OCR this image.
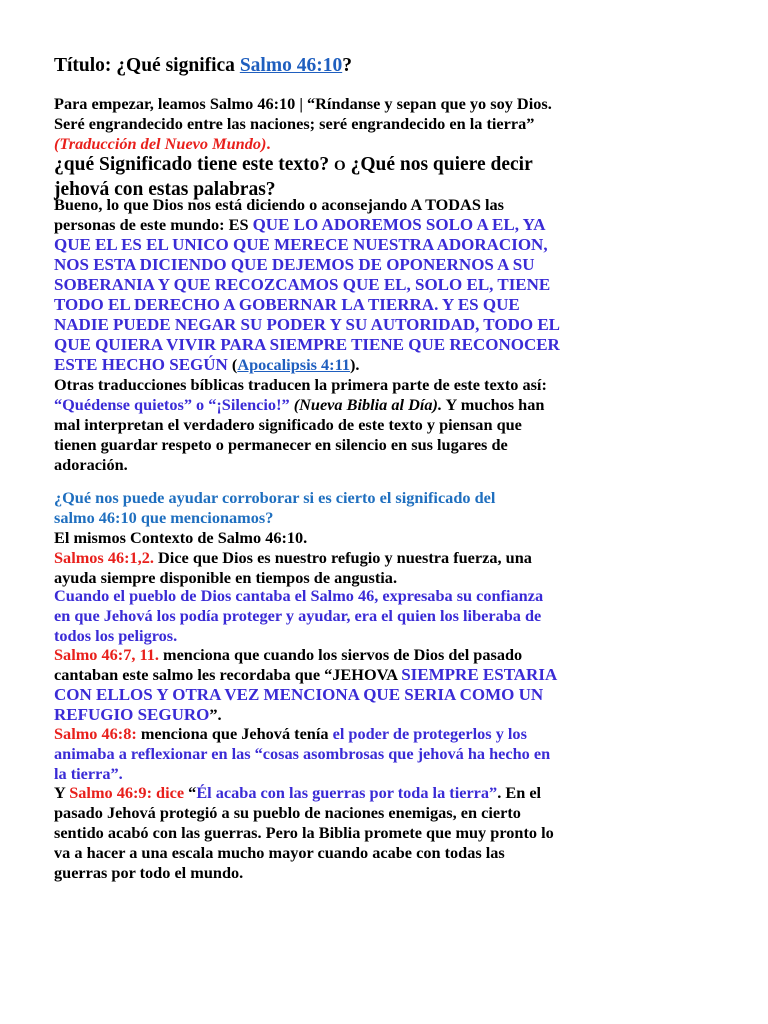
Título: ¿Qué significa Salmo 46:10?

Para empezar, leamos Salmo 46:10 | “Ríndanse y sepan que yo soy Dios.
Seré engrandecido entre las naciones; seré engrandecido en la tierra”
(Traducción del Nuevo Mundo).

¿qué Significado tiene este texto? O ¿Qué nos quiere decir
jehová con estas palabras?

Bueno, lo que Dios nos está diciendo o aconsejando A TODAS las
personas de este mundo: ES QUE LO ADOREMOS SOLO A EL, YA
QUE EL ES EL UNICO QUE MERECE NUESTRA ADORACION,
NOS ESTA DICIENDO QUE DEJEMOS DE OPONERNOS A SU
SOBERANIA Y QUE RECOZCAMOS QUE EL, SOLO EL, TIENE
TODO EL DERECHO A GOBERNAR LA TIERRA. Y ES QUE
NADIE PUEDE NEGAR SU PODER Y SU AUTORIDAD, TODO EL
QUE QUIERA VIVIR PARA SIEMPRE TIENE QUE RECONOCER
ESTE HECHO SEGÚN (Apocalipsis 4:11).
Otras traducciones bíblicas traducen la primera parte de este texto así:
“Quédense quietos” o “¡Silencio!” (Nueva Biblia al Día). Y muchos han
mal interpretan el verdadero significado de este texto y piensan que
tienen guardar respeto o permanecer en silencio en sus lugares de
adoración.

¿Qué nos puede ayudar corroborar si es cierto el significado del
salmo 46:10 que mencionamos?

El mismos Contexto de Salmo 46:10.

Salmos 46:1,2. Dice que Dios es nuestro refugio y nuestra fuerza, una
ayuda siempre disponible en tiempos de angustia.

Cuando el pueblo de Dios cantaba el Salmo 46, expresaba su confianza
en que Jehová los podía proteger y ayudar, era el quien los liberaba de
todos los peligros.

Salmo 46:7, 11. menciona que cuando los siervos de Dios del pasado
cantaban este salmo les recordaba que “JEHOVA SIEMPRE ESTARIA
CON ELLOS Y OTRA VEZ MENCIONA QUE SERIA COMO UN
REFUGIO SEGURO”.

Salmo 46:8: menciona que Jehová tenía el poder de protegerlos y los
animaba a reflexionar en las “cosas asombrosas que jehová ha hecho en
la tierra”.

Y Salmo 46:9: dice “Él acaba con las guerras por toda la tierra”. En el
pasado Jehová protegió a su pueblo de naciones enemigas, en cierto
sentido acabó con las guerras. Pero la Biblia promete que muy pronto lo
va a hacer a una escala mucho mayor cuando acabe con todas las
guerras por todo el mundo.
